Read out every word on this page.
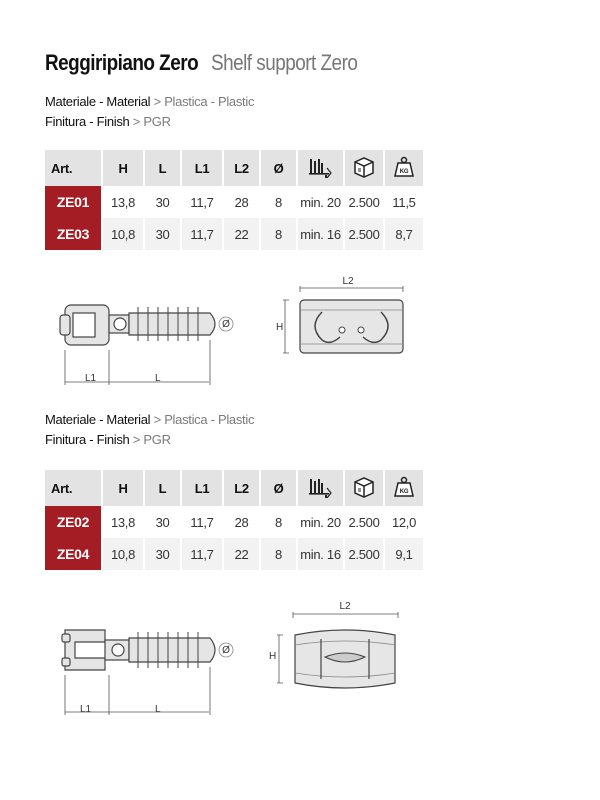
Reggiripiano Zero Shelf support Zero
Materiale - Material > Plastica - Plastic
Finitura - Finish > PGR
Art.	H	L	L1	L2	Ø			KG

ZE01	13,8	30	11,7	28	8	min. 20	2.500	11,5
ZE03	10,8	30	11,7	22	8	min. 16	2.500	8,7
Ø
L1	L
L2
H
Materiale - Material > Plastica - Plastic
Finitura - Finish > PGR
Art.	H	L	L1	L2	Ø			KG

ZE02	13,8	30	11,7	28	8	min. 20	2.500	12,0
ZE04	10,8	30	11,7	22	8	min. 16	2.500	9,1
Ø
L1	L
L2
H
